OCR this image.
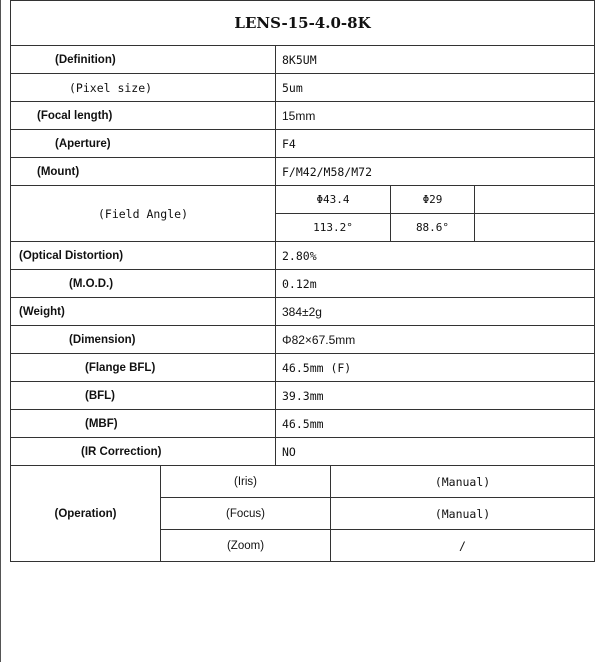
LENS-15-4.0-8K					
(Definition)		8K5UM			
(Pixel size)		5um			
(Focal length)		15mm			
(Aperture)		F4			
(Mount)		F/M42/M58/M72			
(Field Angle)		Φ43.4		Φ29	
		113.2°		88.6°	
(Optical Distortion)		2.80%			
(M.O.D.)		0.12m			
(Weight)		384±2g			
(Dimension)		Φ82×67.5mm			
(Flange BFL)		46.5mm (F)			
(BFL)		39.3mm			
(MBF)		46.5mm			
(IR Correction)		NO			
(Operation)	(Iris)		(Manual)		
	(Focus)		(Manual)		
	(Zoom)		/		
